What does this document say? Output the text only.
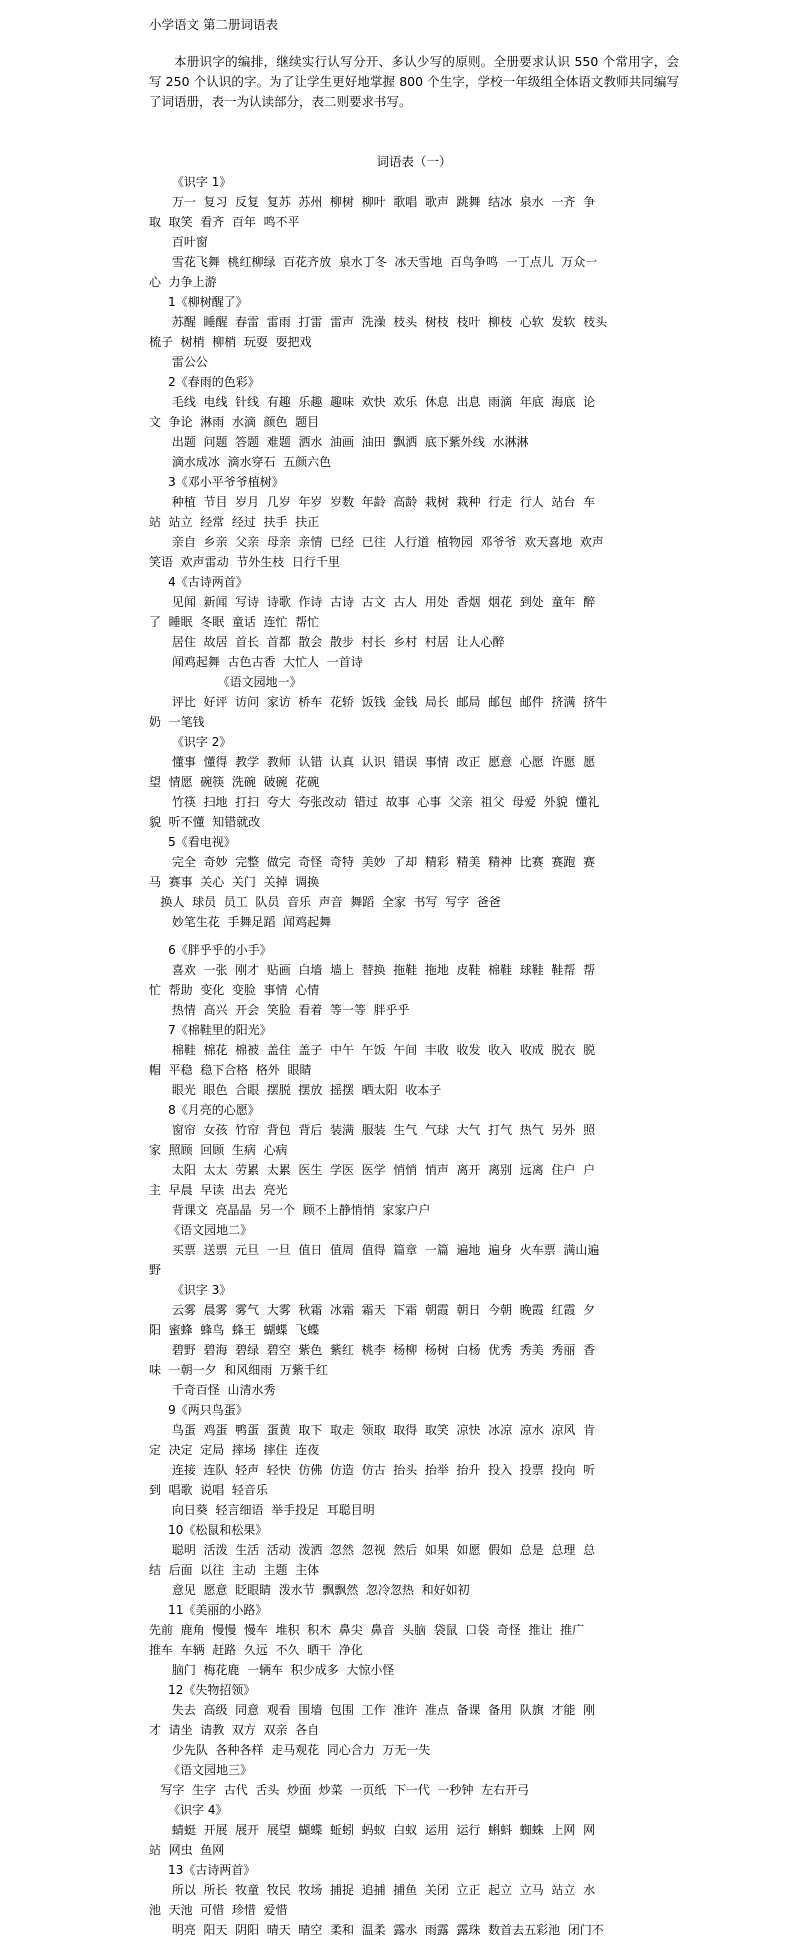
小学语文 第二册词语表
本册识字的编排，继续实行认写分开、多认少写的原则。全册要求认识 550 个常用字，会写 250 个认识的字。为了让学生更好地掌握 800 个生字，学校一年级组全体语文教师共同编写了词语册，表一为认读部分，表二则要求书写。
词语表（一）
《识字 1》
万一  复习  反复  复苏  苏州  柳树  柳叶  歌唱  歌声  跳舞  结冰  泉水  一齐  争
取  取笑  看齐  百年  鸣不平
百叶窗
雪花飞舞  桃红柳绿  百花齐放  泉水丁冬  冰天雪地  百鸟争鸣  一丁点儿  万众一
心  力争上游
1《柳树醒了》
苏醒  睡醒  春雷  雷雨  打雷  雷声  洗澡  枝头  树枝  枝叶  柳枝  心软  发软  枝头
梳子  树梢  柳梢  玩耍  耍把戏
雷公公
2《春雨的色彩》
毛线  电线  针线  有趣  乐趣  趣味  欢快  欢乐  休息  出息  雨滴  年底  海底  论
文  争论  淋雨  水滴  颜色  题目
出题  问题  答题  难题  洒水  油画  油田  飘洒  底下紫外线  水淋淋
滴水成冰  滴水穿石  五颜六色
3《邓小平爷爷植树》
种植  节目  岁月  几岁  年岁  岁数  年龄  高龄  栽树  栽种  行走  行人  站台  车
站  站立  经常  经过  扶手  扶正
亲自  乡亲  父亲  母亲  亲情  已经  已往  人行道  植物园  邓爷爷  欢天喜地  欢声
笑语  欢声雷动  节外生枝  日行千里
4《古诗两首》
见闻  新闻  写诗  诗歌  作诗  古诗  古文  古人  用处  香烟  烟花  到处  童年  醉
了  睡眠  冬眠  童话  连忙  帮忙
居住  故居  首长  首都  散会  散步  村长  乡村  村居  让人心醉
闻鸡起舞  古色古香  大忙人  一首诗
《语文园地一》
评比  好评  访问  家访  桥车  花轿  饭钱  金钱  局长  邮局  邮包  邮件  挤满  挤牛
奶  一笔钱
《识字 2》
懂事  懂得  教学  教师  认错  认真  认识  错误  事情  改正  愿意  心愿  许愿  愿
望  情愿  碗筷  洗碗  破碗  花碗
竹筷  扫地  打扫  夸大  夸张改动  错过  故事  心事  父亲  祖父  母爱  外貌  懂礼
貌  听不懂  知错就改
5《看电视》
完全  奇妙  完整  做完  奇怪  奇特  美妙  了却  精彩  精美  精神  比赛  赛跑  赛
马  赛事  关心  关门  关掉  调换
换人  球员  员工  队员  音乐  声音  舞蹈  全家  书写  写字  爸爸
妙笔生花  手舞足蹈  闻鸡起舞
6《胖乎乎的小手》
喜欢  一张  刚才  贴画  白墙  墙上  替换  拖鞋  拖地  皮鞋  棉鞋  球鞋  鞋帮  帮
忙  帮助  变化  变脸  事情  心情
热情  高兴  开会  笑脸  看着  等一等  胖乎乎
7《棉鞋里的阳光》
棉鞋  棉花  棉被  盖住  盖子  中午  午饭  午间  丰收  收发  收入  收成  脱衣  脱
帽  平稳  稳下合格  格外  眼睛
眼光  眼色  合眼  摆脱  摆放  摇摆  晒太阳  收本子
8《月亮的心愿》
窗帘  女孩  竹帘  背包  背后  装满  服装  生气  气球  大气  打气  热气  另外  照
家  照顾  回顾  生病  心病
太阳  太太  劳累  太累  医生  学医  医学  悄悄  悄声  离开  离别  远离  住户  户
主  早晨  早读  出去  亮光
背课文  亮晶晶  另一个  顾不上静悄悄  家家户户
《语文园地二》
买票  送票  元旦  一旦  值日  值周  值得  篇章  一篇  遍地  遍身  火车票  满山遍
野
《识字 3》
云雾  晨雾  雾气  大雾  秋霜  冰霜  霜天  下霜  朝霞  朝日  今朝  晚霞  红霞  夕
阳  蜜蜂  蜂鸟  蜂王  蝴蝶  飞蝶
碧野  碧海  碧绿  碧空  紫色  紫红  桃李  杨柳  杨树  白杨  优秀  秀美  秀丽  香
味  一朝一夕  和风细雨  万紫千红
千奇百怪  山清水秀
9《两只鸟蛋》
鸟蛋  鸡蛋  鸭蛋  蛋黄  取下  取走  领取  取得  取笑  凉快  冰凉  凉水  凉风  肯
定  决定  定局  摔场  摔住  连夜
连接  连队  轻声  轻快  仿佛  仿造  仿古  抬头  抬举  抬升  投入  投票  投向  听
到  唱歌  说唱  轻音乐
向日葵  轻言细语  举手投足  耳聪目明
10《松鼠和松果》
聪明  活泼  生活  活动  泼洒  忽然  忽视  然后  如果  如愿  假如  总是  总理  总
结  后面  以往  主动  主题  主体
意见  愿意  眨眼睛  泼水节  飘飘然  忽冷忽热  和好如初
11《美丽的小路》
先前  鹿角  慢慢  慢车  堆积  积木  鼻尖  鼻音  头脑  袋鼠  口袋  奇怪  推让  推广
推车  车辆  赶路  久远  不久  晒干  净化
脑门  梅花鹿  一辆车  积少成多  大惊小怪
12《失物招领》
失去  高级  同意  观看  围墙  包围  工作  准许  准点  备课  备用  队旗  才能  刚
才  请坐  请教  双方  双亲  各自
少先队  各种各样  走马观花  同心合力  万无一失
《语文园地三》
写字  生字  古代  舌头  炒面  炒菜  一页纸  下一代  一秒钟  左右开弓
《识字 4》
蜻蜓  开展  展开  展望  蝴蝶  蚯蚓  蚂蚁  白蚁  运用  运行  蝌蚪  蜘蛛  上网  网
站  网虫  鱼网
13《古诗两首》
所以  所长  牧童  牧民  牧场  捕捉  追捕  捕鱼  关闭  立正  起立  立马  站立  水
池  天池  可惜  珍惜  爱惜
明亮  阳天  阴阳  晴天  晴空  柔和  温柔  露水  雨露  露珠  数首去五彩池  闭门不
